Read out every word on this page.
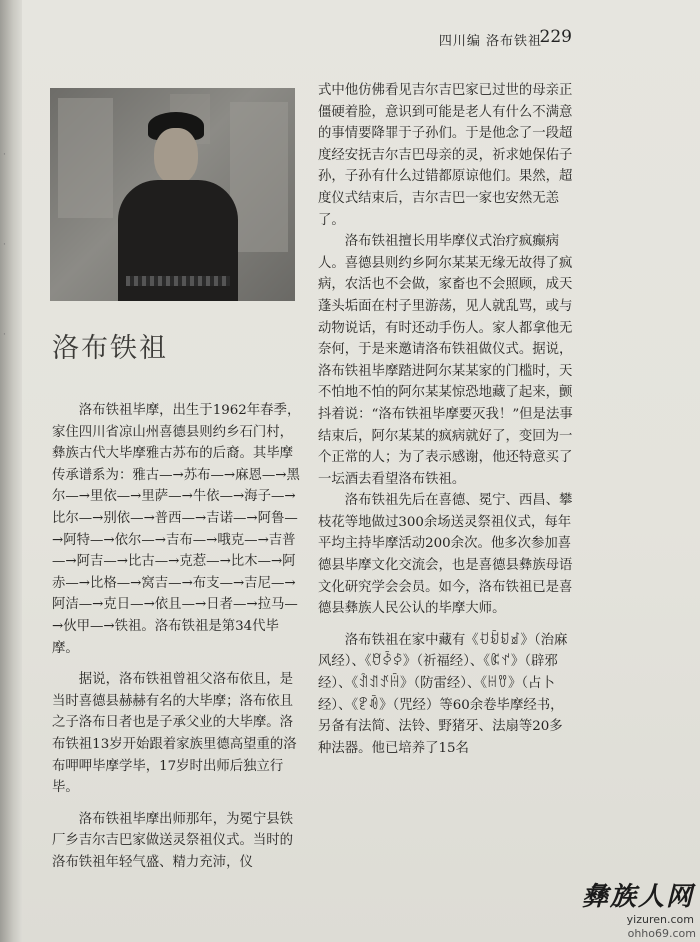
·
·
·
四川编 洛布铁祖
229
洛布铁祖

洛布铁祖毕摩，出生于1962年春季，家住四川省凉山州喜德县则约乡石门村，彝族古代大毕摩雅古苏布的后裔。其毕摩传承谱系为：雅古—→苏布—→麻恩—→黑尔—→里依—→里萨—→牛依—→海子—→比尔—→别依—→普西—→吉诺—→阿鲁—→阿特—→依尔—→吉布—→哦克—→吉普—→阿吉—→比古—→克惹—→比木—→阿赤—→比格—→窝吉—→布支—→吉尼—→阿洁—→克日—→依且—→日者—→拉马—→伙甲—→铁祖。洛布铁祖是第34代毕摩。

据说，洛布铁祖曾祖父洛布依且，是当时喜德县赫赫有名的大毕摩；洛布依且之子洛布日者也是子承父业的大毕摩。洛布铁祖13岁开始跟着家族里德高望重的洛布呷呷毕摩学毕，17岁时出师后独立行毕。

洛布铁祖毕摩出师那年，为冕宁县铁厂乡吉尔吉巴家做送灵祭祖仪式。当时的洛布铁祖年轻气盛、精力充沛，仪

式中他仿佛看见吉尔吉巴家已过世的母亲正僵硬着脸，意识到可能是老人有什么不满意的事情要降罪于子孙们。于是他念了一段超度经安抚吉尔吉巴母亲的灵，祈求她保佑子孙，子孙有什么过错都原谅他们。果然，超度仪式结束后，吉尔吉巴一家也安然无恙了。

洛布铁祖擅长用毕摩仪式治疗疯癫病人。喜德县则约乡阿尔某某无缘无故得了疯病，农活也不会做，家畜也不会照顾，成天蓬头垢面在村子里游荡，见人就乱骂，或与动物说话，有时还动手伤人。家人都拿他无奈何，于是来邀请洛布铁祖做仪式。据说，洛布铁祖毕摩踏进阿尔某某家的门槛时，天不怕地不怕的阿尔某某惊恐地藏了起来，颤抖着说：“洛布铁祖毕摩要灭我！”但是法事结束后，阿尔某某的疯病就好了，变回为一个正常的人；为了表示感谢，他还特意买了一坛酒去看望洛布铁祖。

洛布铁祖先后在喜德、冕宁、西昌、攀枝花等地做过300余场送灵祭祖仪式，每年平均主持毕摩活动200余次。他多次参加喜德县毕摩文化交流会，也是喜德县彝族母语文化研究学会会员。如今，洛布铁祖已是喜德县彝族人民公认的毕摩大师。

洛布铁祖在家中藏有《ꀀꀁꀂꀃ》（治麻风经）、《ꀄꀅꀆ》（祈福经）、《ꀇꀈ》（辟邪经）、《ꀉꀊꀋꀌ》（防雷经）、《ꀍꀎ》（占卜经）、《ꀏꀐ》（咒经）等60余卷毕摩经书，另备有法简、法铃、野猪牙、法扇等20多种法器。他已培养了15名

彝族人网
yizuren.com
ohho69.com
